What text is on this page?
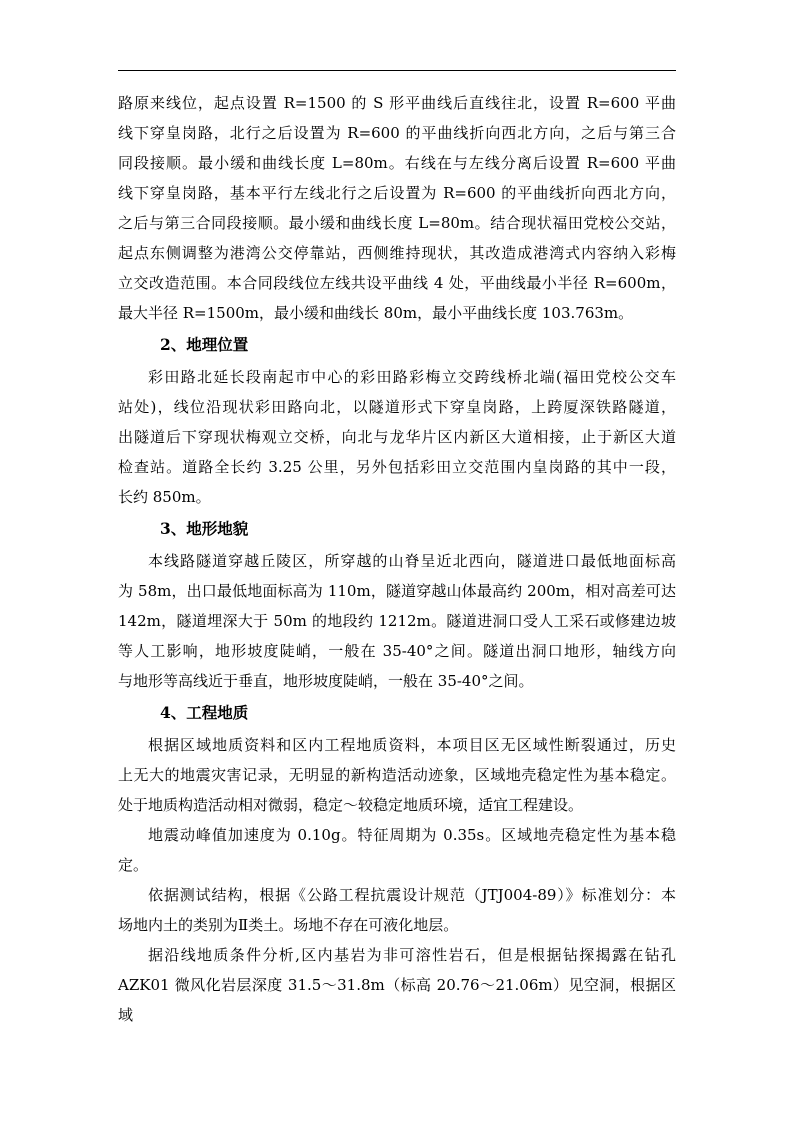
路原来线位，起点设置 R=1500 的 S 形平曲线后直线往北，设置 R=600 平曲

线下穿皇岗路，北行之后设置为 R=600 的平曲线折向西北方向，之后与第三合

同段接顺。最小缓和曲线长度 L=80m。右线在与左线分离后设置 R=600 平曲

线下穿皇岗路，基本平行左线北行之后设置为 R=600 的平曲线折向西北方向，

之后与第三合同段接顺。最小缓和曲线长度 L=80m。结合现状福田党校公交站，

起点东侧调整为港湾公交停靠站，西侧维持现状，其改造成港湾式内容纳入彩梅

立交改造范围。本合同段线位左线共设平曲线 4 处，平曲线最小半径 R=600m，

最大半径 R=1500m，最小缓和曲线长 80m，最小平曲线长度 103.763m。

2、地理位置

彩田路北延长段南起市中心的彩田路彩梅立交跨线桥北端(福田党校公交车

站处)，线位沿现状彩田路向北，以隧道形式下穿皇岗路，上跨厦深铁路隧道，

出隧道后下穿现状梅观立交桥，向北与龙华片区内新区大道相接，止于新区大道

检查站。道路全长约 3.25 公里，另外包括彩田立交范围内皇岗路的其中一段，

长约 850m。

3、地形地貌

本线路隧道穿越丘陵区，所穿越的山脊呈近北西向，隧道进口最低地面标高

为 58m，出口最低地面标高为 110m，隧道穿越山体最高约 200m，相对高差可达

142m，隧道埋深大于 50m 的地段约 1212m。隧道进洞口受人工采石或修建边坡

等人工影响，地形坡度陡峭，一般在 35-40°之间。隧道出洞口地形，轴线方向

与地形等高线近于垂直，地形坡度陡峭，一般在 35-40°之间。

4、工程地质

根据区域地质资料和区内工程地质资料，本项目区无区域性断裂通过，历史

上无大的地震灾害记录，无明显的新构造活动迹象，区域地壳稳定性为基本稳定。

处于地质构造活动相对微弱，稳定～较稳定地质环境，适宜工程建设。

地震动峰值加速度为 0.10g。特征周期为 0.35s。区域地壳稳定性为基本稳定。

依据测试结构，根据《公路工程抗震设计规范（JTJ004-89）》标准划分：本

场地内土的类别为Ⅱ类土。场地不存在可液化地层。

据沿线地质条件分析,区内基岩为非可溶性岩石，但是根据钻探揭露在钻孔

AZK01 微风化岩层深度 31.5～31.8m（标高 20.76～21.06m）见空洞，根据区域
